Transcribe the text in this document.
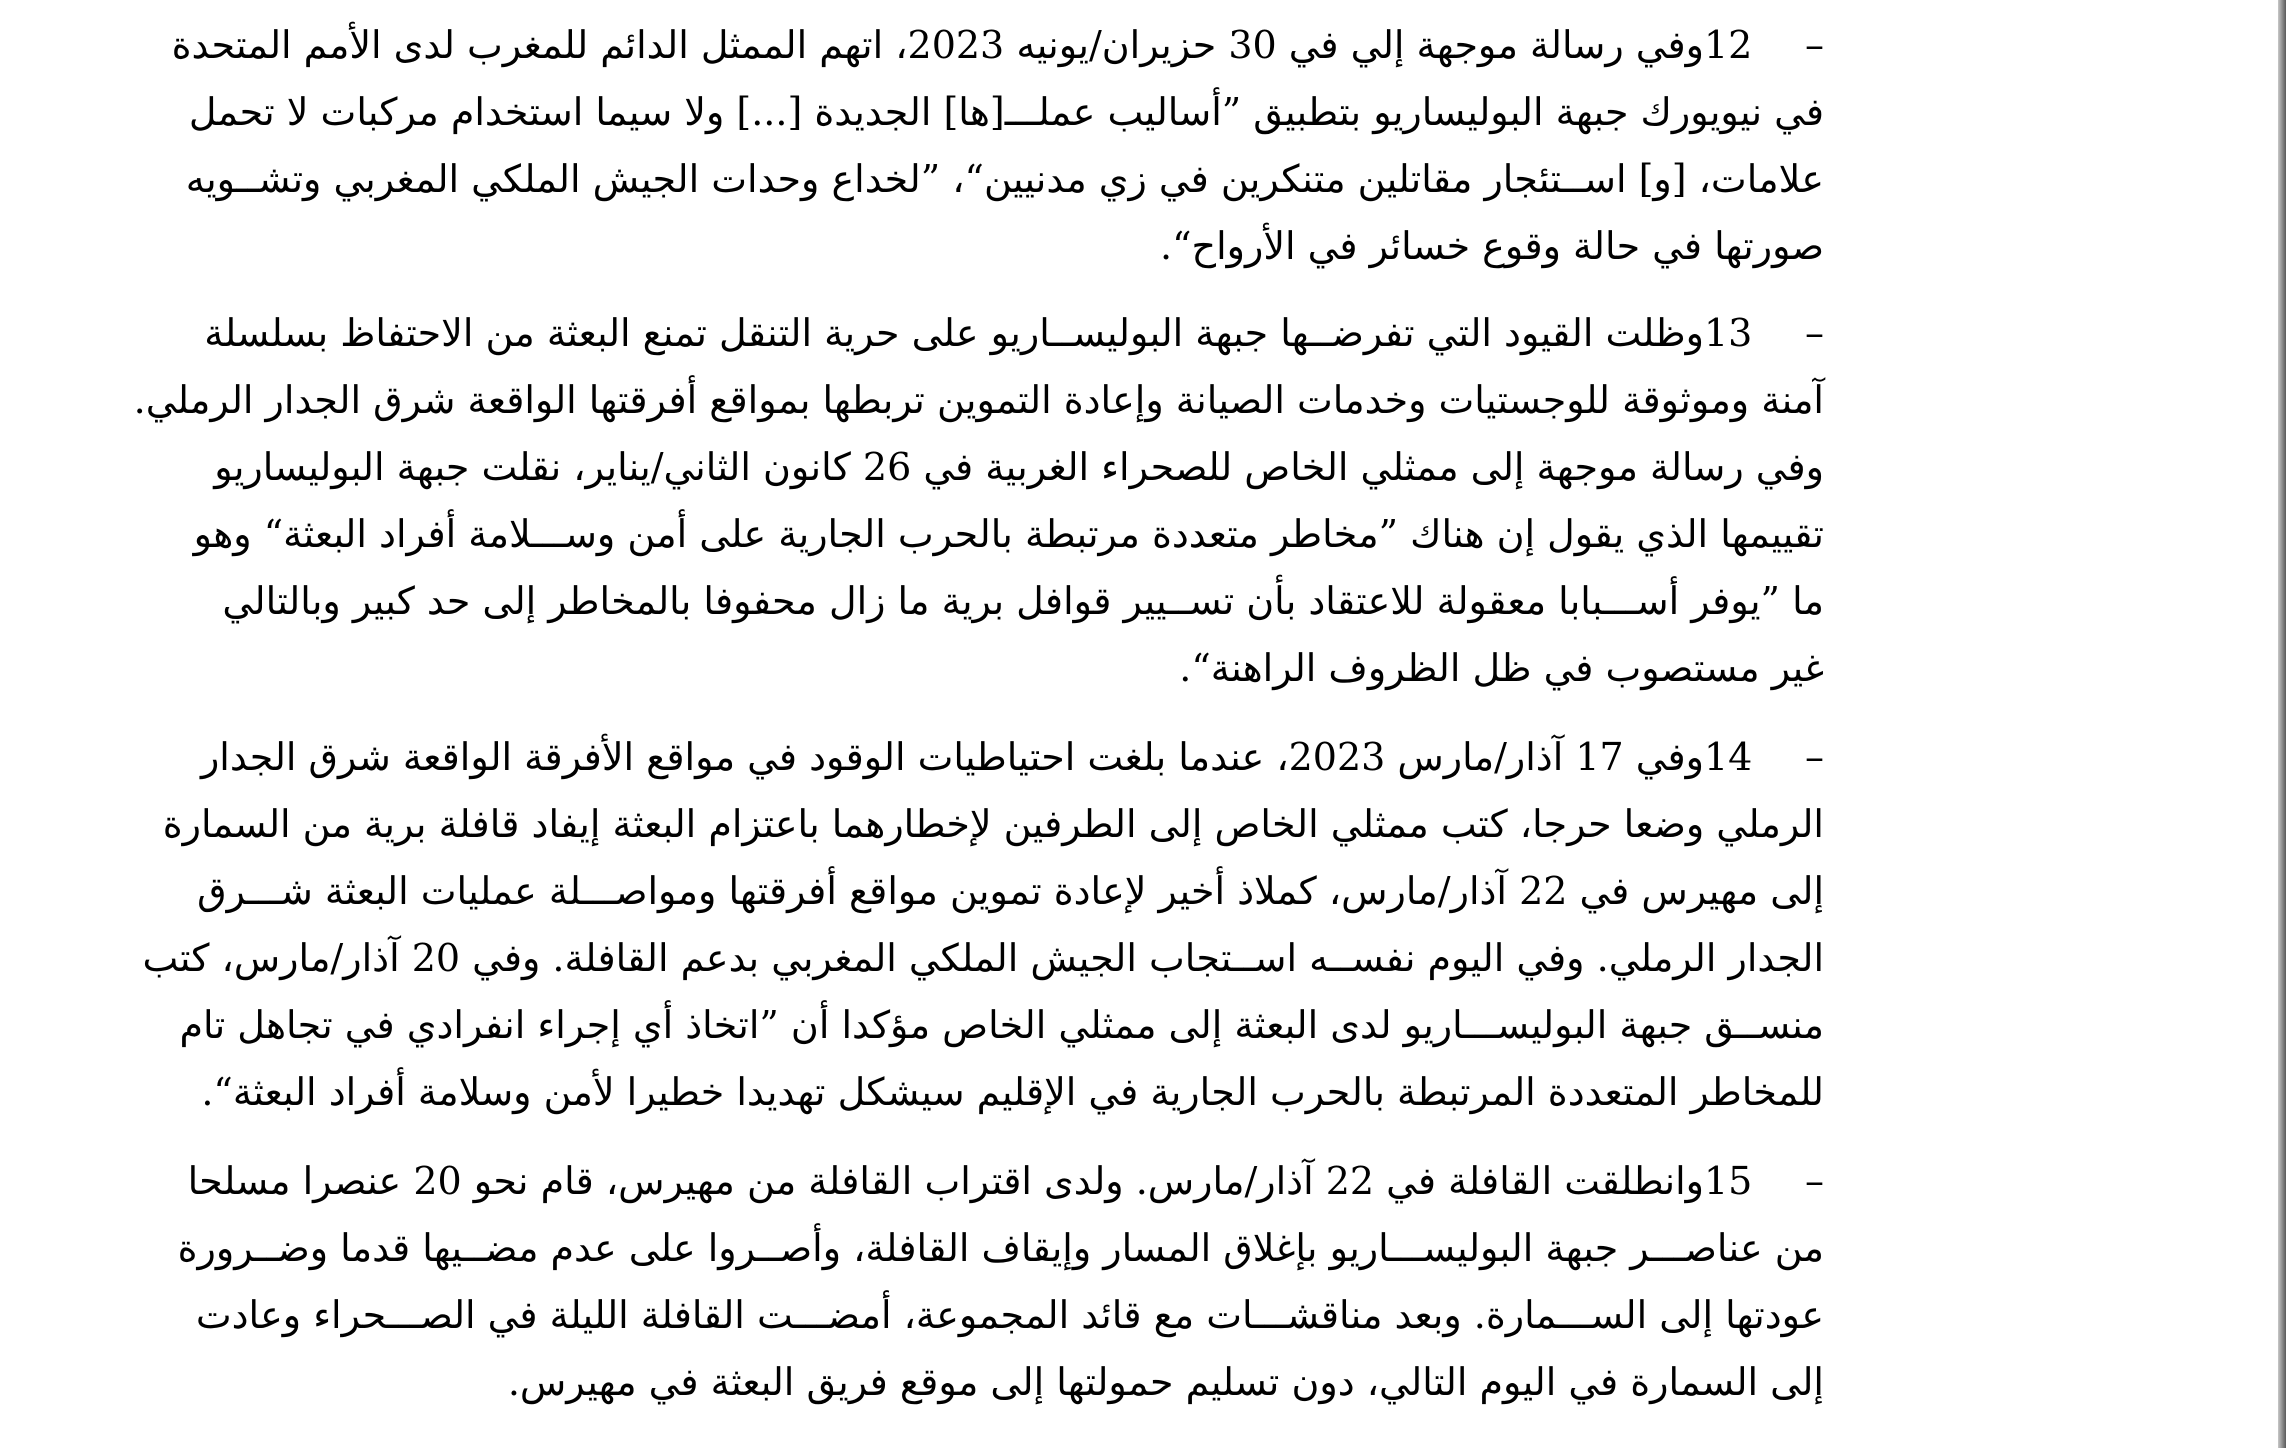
12 –وفي رسالة موجهة إلي في 30 حزيران/يونيه 2023، اتهم الممثل الدائم للمغرب لدى الأمم المتحدة
في نيويورك جبهة البوليساريو بتطبيق ”أساليب عملـــ[ها] الجديدة [...] ولا سيما استخدام مركبات لا تحمل
علامات، [و] اســتئجار مقاتلين متنكرين في زي مدنيين“، ”لخداع وحدات الجيش الملكي المغربي وتشــويه
صورتها في حالة وقوع خسائر في الأرواح“.
13 –وظلت القيود التي تفرضــها جبهة البوليســاريو على حرية التنقل تمنع البعثة من الاحتفاظ بسلسلة
آمنة وموثوقة للوجستيات وخدمات الصيانة وإعادة التموين تربطها بمواقع أفرقتها الواقعة شرق الجدار الرملي.
وفي رسالة موجهة إلى ممثلي الخاص للصحراء الغربية في 26 كانون الثاني/يناير، نقلت جبهة البوليساريو
تقييمها الذي يقول إن هناك ”مخاطر متعددة مرتبطة بالحرب الجارية على أمن وســـلامة أفراد البعثة“ وهو
ما ”يوفر أســـبابا معقولة للاعتقاد بأن تســيير قوافل برية ما زال محفوفا بالمخاطر إلى حد كبير وبالتالي
غير مستصوب في ظل الظروف الراهنة“.
14 –وفي 17 آذار/مارس 2023، عندما بلغت احتياطيات الوقود في مواقع الأفرقة الواقعة شرق الجدار
الرملي وضعا حرجا، كتب ممثلي الخاص إلى الطرفين لإخطارهما باعتزام البعثة إيفاد قافلة برية من السمارة
إلى مهيرس في 22 آذار/مارس، كملاذ أخير لإعادة تموين مواقع أفرقتها ومواصـــلة عمليات البعثة شـــرق
الجدار الرملي. وفي اليوم نفســه اســتجاب الجيش الملكي المغربي بدعم القافلة. وفي 20 آذار/مارس، كتب
منســق جبهة البوليســـاريو لدى البعثة إلى ممثلي الخاص مؤكدا أن ”اتخاذ أي إجراء انفرادي في تجاهل تام
للمخاطر المتعددة المرتبطة بالحرب الجارية في الإقليم سيشكل تهديدا خطيرا لأمن وسلامة أفراد البعثة“.
15 –وانطلقت القافلة في 22 آذار/مارس. ولدى اقتراب القافلة من مهيرس، قام نحو 20 عنصرا مسلحا
من عناصـــر جبهة البوليســـاريو بإغلاق المسار وإيقاف القافلة، وأصــروا على عدم مضــيها قدما وضــرورة
عودتها إلى الســـمارة. وبعد مناقشـــات مع قائد المجموعة، أمضـــت القافلة الليلة في الصـــحراء وعادت
إلى السمارة في اليوم التالي، دون تسليم حمولتها إلى موقع فريق البعثة في مهيرس.
